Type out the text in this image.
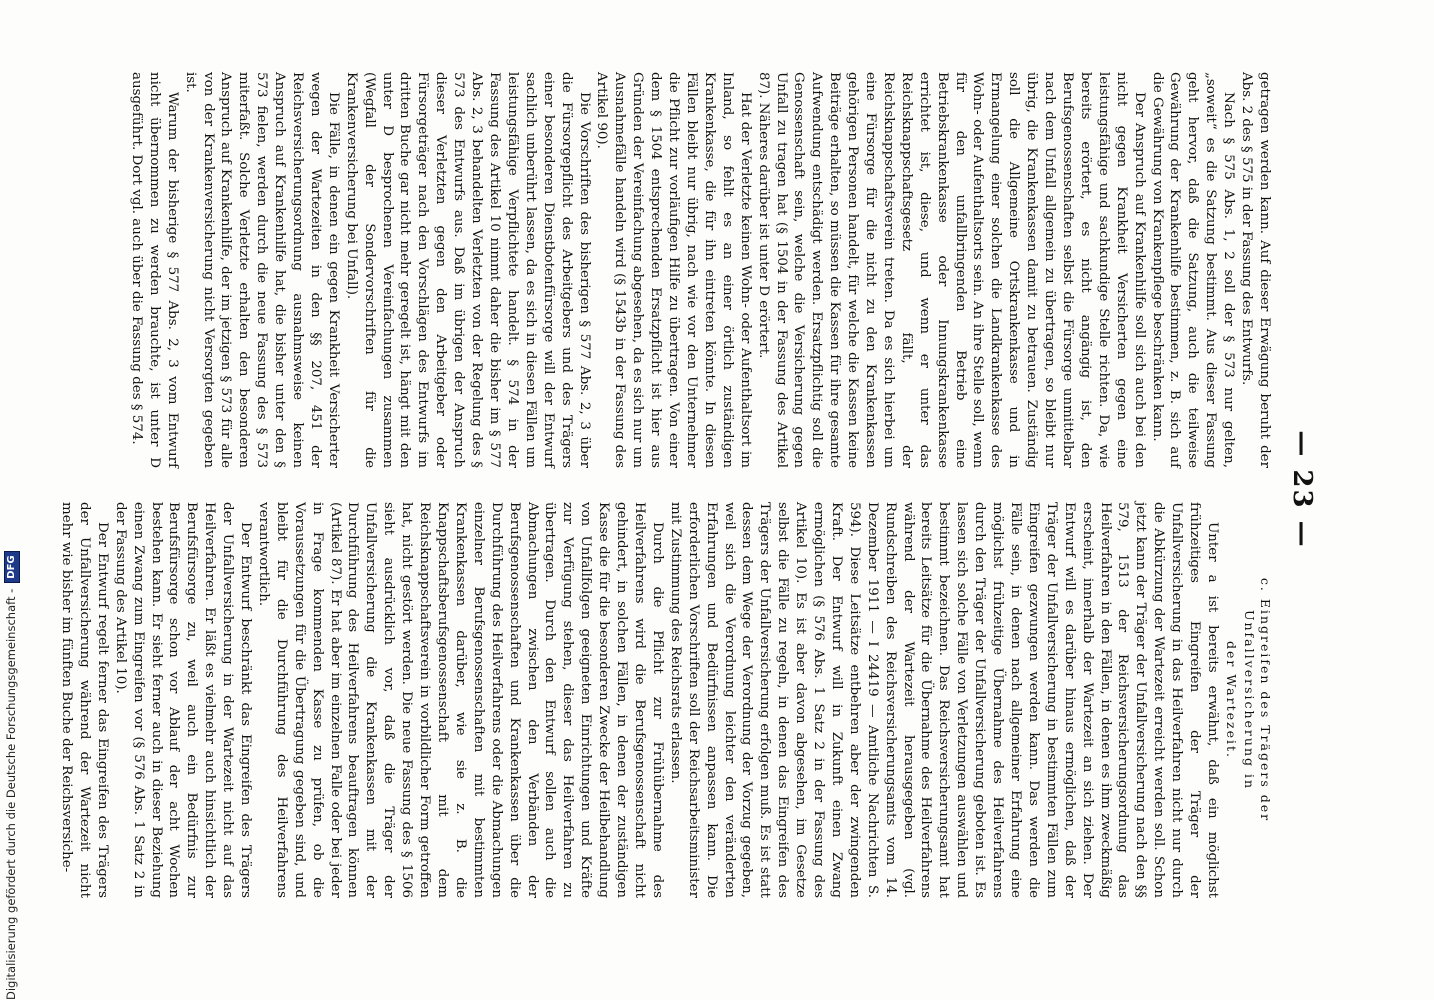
— 23 —

getragen werden kann. Auf dieser Erwägung beruht der Abs. 2 des § 575 in der Fassung des Entwurfs.

Nach § 575 Abs. 1, 2 soll der § 573 nur gelten, „soweit“ es die Satzung bestimmt. Aus dieser Fassung geht hervor, daß die Satzung, auch die teilweise Gewährung der Krankenhilfe bestimmen, z. B. sich auf die Gewährung von Krankenpflege beschränken kann.

Der Anspruch auf Krankenhilfe soll sich auch bei den nicht gegen Krankheit Versicherten gegen eine leistungsfähige und sachkundige Stelle richten. Da, wie bereits erörtert, es nicht angängig ist, den Berufsgenossenschaften selbst die Fürsorge unmittelbar nach dem Unfall allgemein zu übertragen, so bleibt nur übrig, die Krankenkassen damit zu betrauen. Zuständig soll die Allgemeine Ortskrankenkasse und in Ermangelung einer solchen die Landkrankenkasse des Wohn- oder Aufenthaltsorts sein. An ihre Stelle soll, wenn für den unfallbringenden Betrieb eine Betriebskrankenkasse oder Innungskrankenkasse errichtet ist, diese, und wenn er unter das Reichsknappschaftsgesetz fällt, der Reichsknappschaftsverein treten. Da es sich hierbei um eine Fürsorge für die nicht zu den Krankenkassen gehörigen Personen handelt, für welche die Kassen keine Beiträge erhalten, so müssen die Kassen für ihre gesamte Aufwendung entschädigt werden. Ersatzpflichtig soll die Genossenschaft sein, welche die Versicherung gegen Unfall zu tragen hat (§ 1504 in der Fassung des Artikel 87). Näheres darüber ist unter D erörtert.

Hat der Verletzte keinen Wohn- oder Aufenthaltsort im Inland, so fehlt es an einer örtlich zuständigen Krankenkasse, die für ihn eintreten könnte. In diesen Fällen bleibt nur übrig, nach wie vor den Unternehmer die Pflicht zur vorläufigen Hilfe zu übertragen. Von einer dem § 1504 entsprechenden Ersatzpflicht ist hier aus Gründen der Vereinfachung abgesehen, da es sich nur um Ausnahmefälle handeln wird (§ 1543b in der Fassung des Artikel 90).

Die Vorschriften des bisherigen § 577 Abs. 2, 3 über die Fürsorgepflicht des Arbeitgebers und des Trägers einer besonderen Dienstbotenfürsorge will der Entwurf sachlich unberührt lassen, da es sich in diesen Fällen um leistungsfähige Verpflichtete handelt. § 574 in der Fassung des Artikel 10 nimmt daher die bisher im § 577 Abs. 2, 3 behandelten Verletzten von der Regelung des § 573 des Entwurfs aus. Daß im übrigen der Anspruch dieser Verletzten gegen den Arbeitgeber oder Fürsorgeträger nach den Vorschlägen des Entwurfs im dritten Buche gar nicht mehr geregelt ist, hängt mit den unter D besprochenen Vereinfachungen zusammen (Wegfall der Sondervorschriften für die Krankenversicherung bei Unfall).

Die Fälle, in denen ein gegen Krankheit Versicherter wegen der Wartezeiten in den §§ 207, 451 der Reichsversicherungsordnung ausnahmsweise keinen Anspruch auf Krankenhilfe hat, die bisher unter den § 573 fielen, werden durch die neue Fassung des § 573 miterfaßt. Solche Verletzte erhalten den besonderen Anspruch auf Krankenhilfe, der im jetzigen § 573 für alle von der Krankenversicherung nicht Versorgten gegeben ist.

Warum der bisherige § 577 Abs. 2, 3 vom Entwurf nicht übernommen zu werden brauchte, ist unter D ausgeführt. Dort vgl. auch über die Fassung des § 574.

c. Eingreifen des Trägers der Unfallversicherung in
der Wartezeit.

Unter a ist bereits erwähnt, daß ein möglichst frühzeitiges Eingreifen der Träger der Unfallversicherung in das Heilverfahren nicht nur durch die Abkürzung der Wartezeit erreicht werden soll. Schon jetzt kann der Träger der Unfallversicherung nach den §§ 579, 1513 der Reichsversicherungsordnung das Heilverfahren in den Fällen, in denen es ihm zweckmäßig erscheint, innerhalb der Wartezeit an sich ziehen. Der Entwurf will es darüber hinaus ermöglichen, daß der Träger der Unfallversicherung in bestimmten Fällen zum Eingreifen gezwungen werden kann. Das werden die Fälle sein, in denen nach allgemeiner Erfahrung eine möglichst frühzeitige Übernahme des Heilverfahrens durch den Träger der Unfallversicherung geboten ist. Es lassen sich solche Fälle von Verletzungen auswählen und bestimmt bezeichnen. Das Reichsversicherungsamt hat bereits Leitsätze für die Übernahme des Heilverfahrens während der Wartezeit herausgegeben (vgl. Rundschreiben des Reichsversicherungsamts vom 14. Dezember 1911 — I 24419 — Amtliche Nachrichten S. 594). Diese Leitsätze entbehren aber der zwingenden Kraft. Der Entwurf will in Zukunft einen Zwang ermöglichen (§ 576 Abs. 1 Satz 2 in der Fassung des Artikel 10). Es ist aber davon abgesehen, im Gesetze selbst die Fälle zu regeln, in denen das Eingreifen des Trägers der Unfallversicherung erfolgen muß. Es ist statt dessen dem Wege der Verordnung der Vorzug gegeben, weil sich die Verordnung leichter den veränderten Erfahrungen und Bedürfnissen anpassen kann. Die erforderlichen Vorschriften soll der Reichsarbeitsminister mit Zustimmung des Reichsrats erlassen.

Durch die Pflicht zur Frühübernahme des Heilverfahrens wird die Berufsgenossenschaft nicht gehindert, in solchen Fällen, in denen der zuständigen Kasse die für die besonderen Zwecke der Heilbehandlung von Unfallfolgen geeigneten Einrichtungen und Kräfte zur Verfügung stehen, dieser das Heilverfahren zu übertragen. Durch den Entwurf sollen auch die Abmachungen zwischen den Verbänden der Berufsgenossenschaften und Krankenkassen über die Durchführung des Heilverfahrens oder die Abmachungen einzelner Berufsgenossenschaften mit bestimmten Krankenkassen darüber, wie sie z. B. die Knappschaftsberufsgenossenschaft mit dem Reichsknappschaftsverein in vorbildlicher Form getroffen hat, nicht gestört werden. Die neue Fassung des § 1506 sieht ausdrücklich vor, daß die Träger der Unfallversicherung die Krankenkassen mit der Durchführung des Heilverfahrens beauftragen können (Artikel 87). Er hat aber im einzelnen Falle oder bei jeder in Frage kommenden Kasse zu prüfen, ob die Voraussetzungen für die Übertragung gegeben sind, und bleibt für die Durchführung des Heilverfahrens verantwortlich.

Der Entwurf beschränkt das Eingreifen des Trägers der Unfallversicherung in der Wartezeit nicht auf das Heilverfahren. Er läßt es vielmehr auch hinsichtlich der Berufsfürsorge zu, weil auch ein Bedürfnis zur Berufsfürsorge schon vor Ablauf der acht Wochen bestehen kann. Er sieht ferner auch in dieser Beziehung einen Zwang zum Eingreifen vor (§ 576 Abs. 1 Satz 2 in der Fassung des Artikel 10).

Der Entwurf regelt ferner das Eingreifen des Trägers der Unfallversicherung während der Wartezeit nicht mehr wie bisher im fünften Buche der Reichsversiche-

Digitalisierung gefördert durch die Deutsche Forschungsgemeinschaft -DFG
